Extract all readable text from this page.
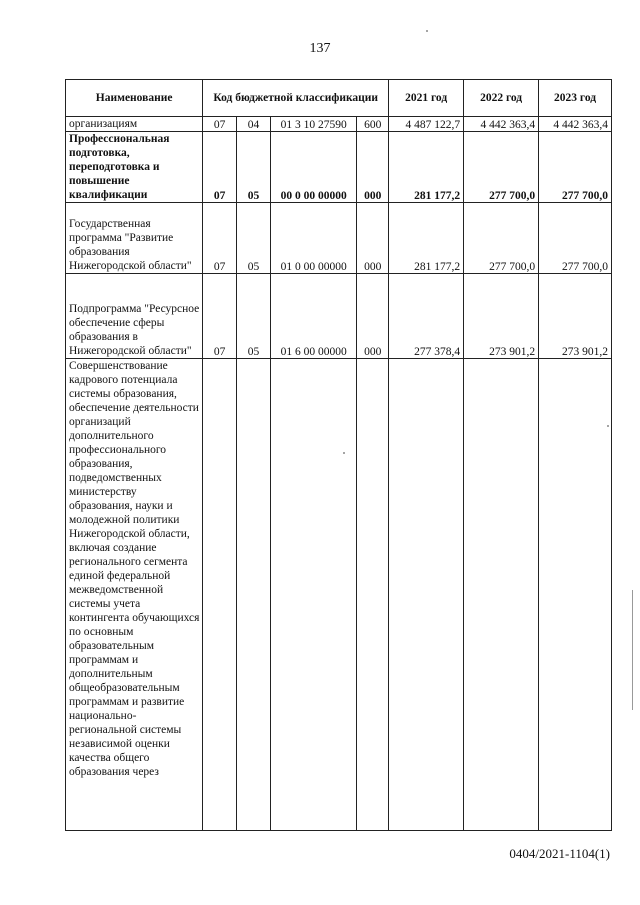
137
Наименование	Код бюджетной классификации				2021 год	2022 год	2023 год
организациям	07	04	01 3 10 27590	600	4 487 122,7	4 442 363,4	4 442 363,4
Профессиональная подготовка, переподготовка и повышение квалификации	07	05	00 0 00 00000	000	281 177,2	277 700,0	277 700,0
Государственная программа "Развитие образования Нижегородской области"	07	05	01 0 00 00000	000	281 177,2	277 700,0	277 700,0
Подпрограмма "Ресурсное обеспечение сферы образования в Нижегородской области"	07	05	01 6 00 00000	000	277 378,4	273 901,2	273 901,2
Совершенствование кадрового потенциала системы образования, обеспечение деятельности организаций дополнительного профессионального образования, подведомственных министерству образования, науки и молодежной политики Нижегородской области, включая создание регионального сегмента единой федеральной межведомственной системы учета контингента обучающихся по основным образовательным программам и дополнительным общеобразовательным программам и развитие национально-региональной системы независимой оценки качества общего образования через							
0404/2021-1104(1)
